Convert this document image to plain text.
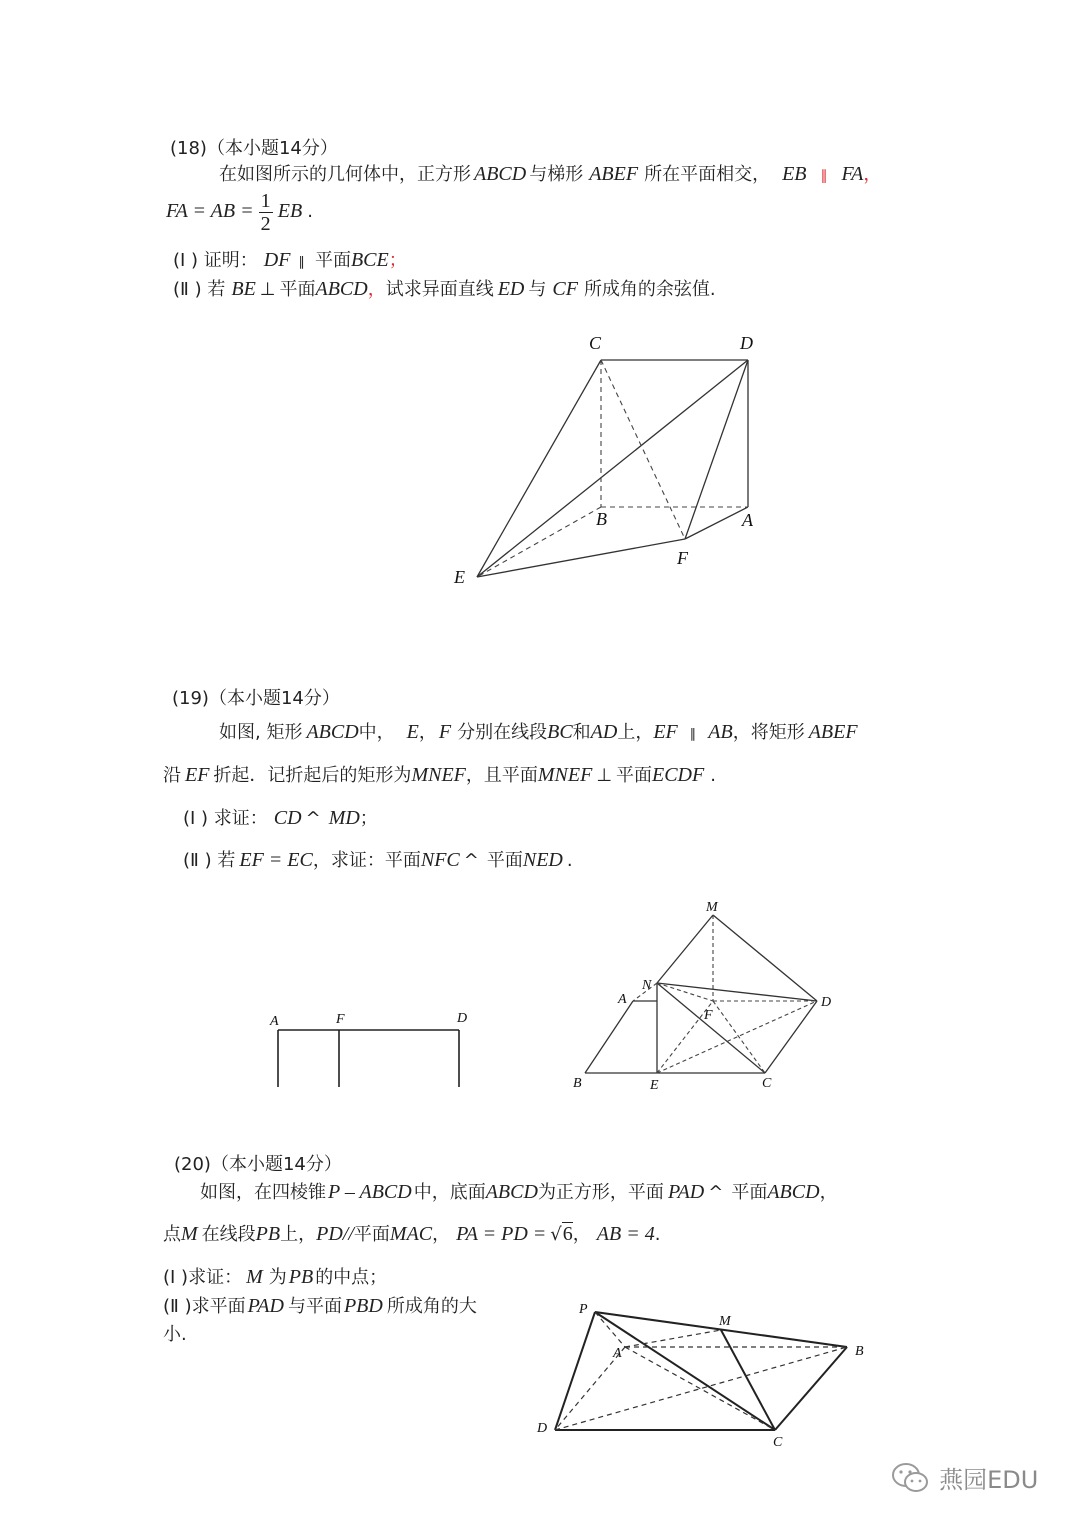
(18)（本小题14分）
在如图所示的几何体中，正方形 ABCD 与梯形 ABEF 所在平面相交， EB ∥ FA，
FA = AB = $\frac{1}{2}$ EB .
(Ⅰ ) 证明： DF ∥ 平面BCE；
(Ⅱ ) 若 BE ⊥ 平面ABCD，试求异面直线 ED 与 CF 所成角的余弦值.
C	D
B	A
F
E
(19)（本小题14分）
如图, 矩形 ABCD中， E， F 分别在线段BC和AD上，EF ∥ AB，将矩形 ABEF
沿 EF 折起．记折起后的矩形为MNEF，且平面MNEF ⊥ 平面ECDF .
(Ⅰ ) 求证： CD ^ MD；
(Ⅱ ) 若 EF = EC，求证：平面NFC ^ 平面NED .
A	F	D
M
N
A
F
D
B	E	C
(20)（本小题14分）
如图，在四棱锥 P – ABCD 中，底面ABCD为正方形，平面 PAD ^ 平面ABCD，
点M 在线段PB上，PD//平面MAC， PA = PD = √6， AB = 4.
(Ⅰ )求证： M 为 PB 的中点；
(Ⅱ )求平面 PAD 与平面 PBD 所成角的大
小.
P
M
A	B
D
C
燕园EDU
